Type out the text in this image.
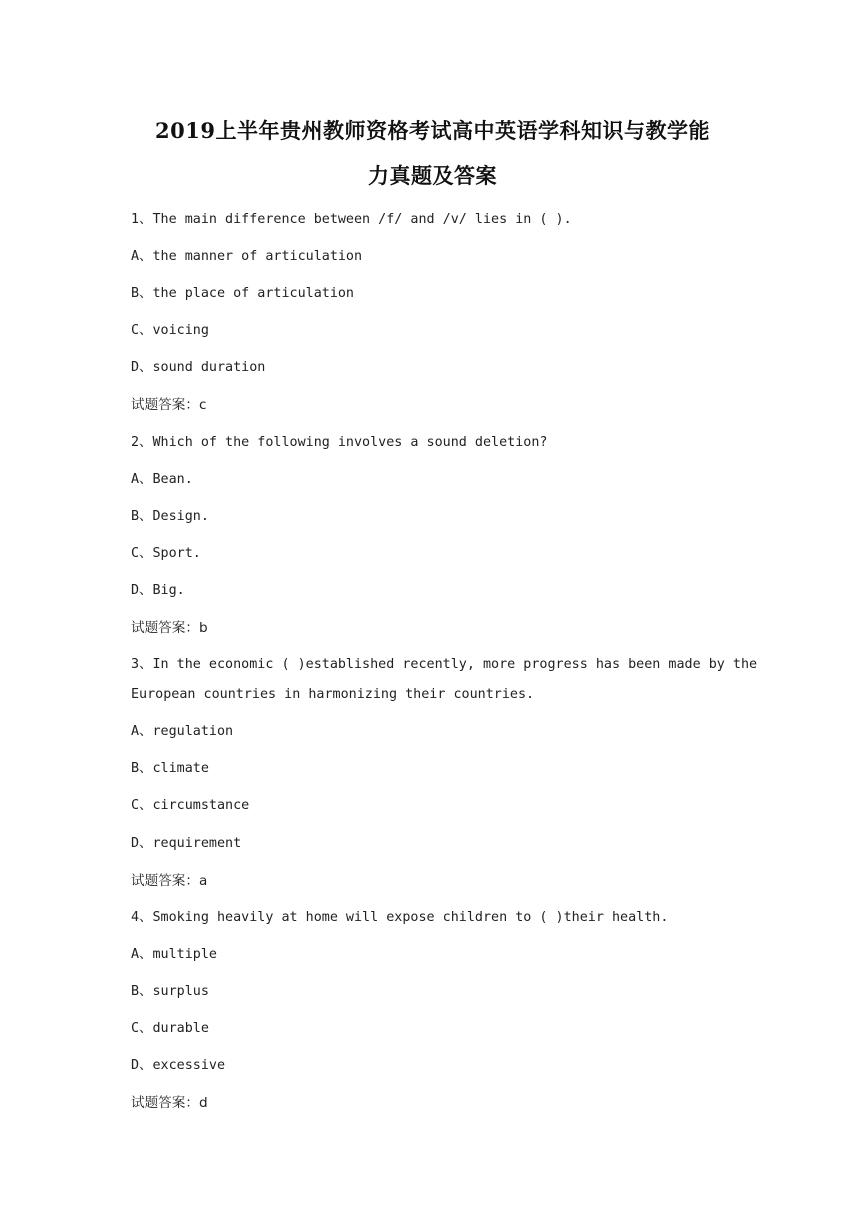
2019上半年贵州教师资格考试高中英语学科知识与教学能
力真题及答案
1、The main difference between /f/ and /v/ lies in ( ).
A、the manner of articulation
B、the place of articulation
C、voicing
D、sound duration
试题答案：c
2、Which of the following involves a sound deletion?
A、Bean.
B、Design.
C、Sport.
D、Big.
试题答案：b
3、In the economic ( )established recently, more progress has been made by the
European countries in harmonizing their countries.
A、regulation
B、climate
C、circumstance
D、requirement
试题答案：a
4、Smoking heavily at home will expose children to ( )their health.
A、multiple
B、surplus
C、durable
D、excessive
试题答案：d
